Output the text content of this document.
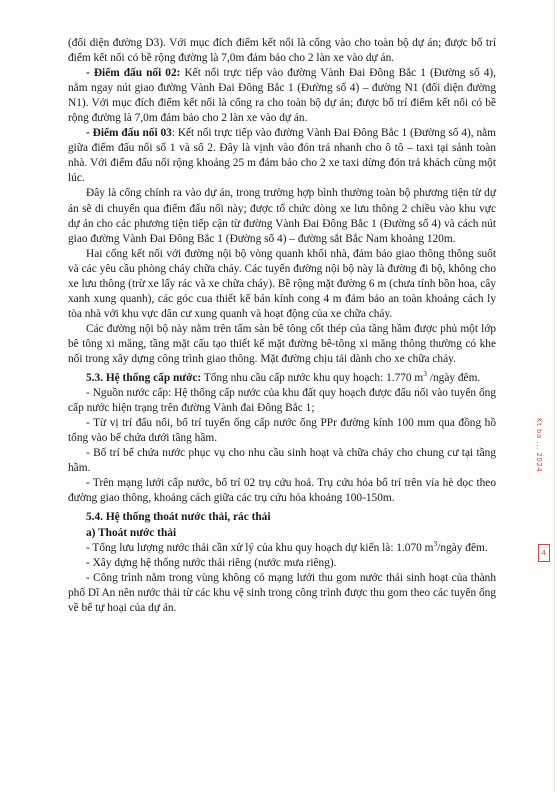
(đối diện đường D3). Với mục đích điểm kết nối là cổng vào cho toàn bộ dự án; được bố trí điểm kết nối có bề rộng đường là 7,0m đảm bảo cho 2 làn xe vào dự án.

- Điểm đấu nối 02: Kết nối trực tiếp vào đường Vành Đai Đông Bắc 1 (Đường số 4), nằm ngay nút giao đường Vành Đai Đông Bắc 1 (Đường số 4) – đường N1 (đối diện đường N1). Với mục đích điểm kết nối là cổng ra cho toàn bộ dự án; được bố trí điểm kết nối có bề rộng đường là 7,0m đảm bảo cho 2 làn xe vào dự án.

- Điểm đấu nối 03: Kết nối trực tiếp vào đường Vành Đai Đông Bắc 1 (Đường số 4), nằm giữa điểm đấu nối số 1 và số 2. Đây là vịnh vào đón trả nhanh cho ô tô – taxi tại sảnh toàn nhà. Với điểm đấu nối rộng khoảng 25 m đảm bảo cho 2 xe taxi dừng đón trả khách cùng một lúc.

Đây là cổng chính ra vào dự án, trong trường hợp bình thường toàn bộ phương tiện từ dự án sẽ di chuyển qua điểm đấu nối này; được tổ chức dòng xe lưu thông 2 chiều vào khu vực dự án cho các phương tiện tiếp cận từ đường Vành Đai Đông Bắc 1 (Đường số 4) và cách nút giao đường Vành Đai Đông Bắc 1 (Đường số 4) – đường sắt Bắc Nam khoảng 120m.

Hai cổng kết nối với đường nội bộ vòng quanh khối nhà, đảm bảo giao thông thông suốt và các yêu cầu phòng cháy chữa cháy. Các tuyến đường nội bộ này là đường đi bộ, không cho xe lưu thông (trừ xe lấy rác và xe chữa cháy). Bề rộng mặt đường 6 m (chưa tính bồn hoa, cây xanh xung quanh), các góc cua thiết kế bán kính cong 4 m đảm bảo an toàn khoảng cách ly tòa nhà với khu vực dân cư xung quanh và hoạt động của xe chữa cháy.

Các đường nội bộ này nằm trên tấm sàn bê tông cốt thép của tầng hầm được phủ một lớp bê tông xi măng, tầng mặt cấu tạo thiết kế mặt đường bê-tông xi măng thông thường có khe nối trong xây dựng công trình giao thông. Mặt đường chịu tải dành cho xe chữa cháy.

5.3. Hệ thống cấp nước: Tổng nhu cầu cấp nước khu quy hoạch: 1.770 $m^3$ /ngày đêm.

- Nguồn nước cấp: Hệ thống cấp nước của khu đất quy hoạch được đấu nối vào tuyến ống cấp nước hiện trạng trên đường Vành đai Đông Bắc 1;

- Từ vị trí đấu nối, bố trí tuyến ống cấp nước ống PPr đường kính 100 mm qua đồng hồ tổng vào bể chứa dưới tầng hầm.

- Bố trí bể chứa nước phục vụ cho nhu cầu sinh hoạt và chữa cháy cho chung cư tại tầng hầm.

- Trên mạng lưới cấp nước, bố trí 02 trụ cứu hoả. Trụ cứu hỏa bố trí trên vỉa hè dọc theo đường giao thông, khoảng cách giữa các trụ cứu hỏa khoảng 100-150m.

5.4. Hệ thống thoát nước thải, rác thải

a) Thoát nước thải

- Tổng lưu lượng nước thải cần xử lý của khu quy hoạch dự kiến là: 1.070 $m^3$/ngày đêm.

- Xây dựng hệ thống nước thải riêng (nước mưa riêng).

- Công trình nằm trong vùng không có mạng lưới thu gom nước thải sinh hoạt của thành phố Dĩ An nên nước thải từ các khu vệ sinh trong công trình được thu gom theo các tuyến ống về bể tự hoại của dự án.

Kt ba ... 2024
4
